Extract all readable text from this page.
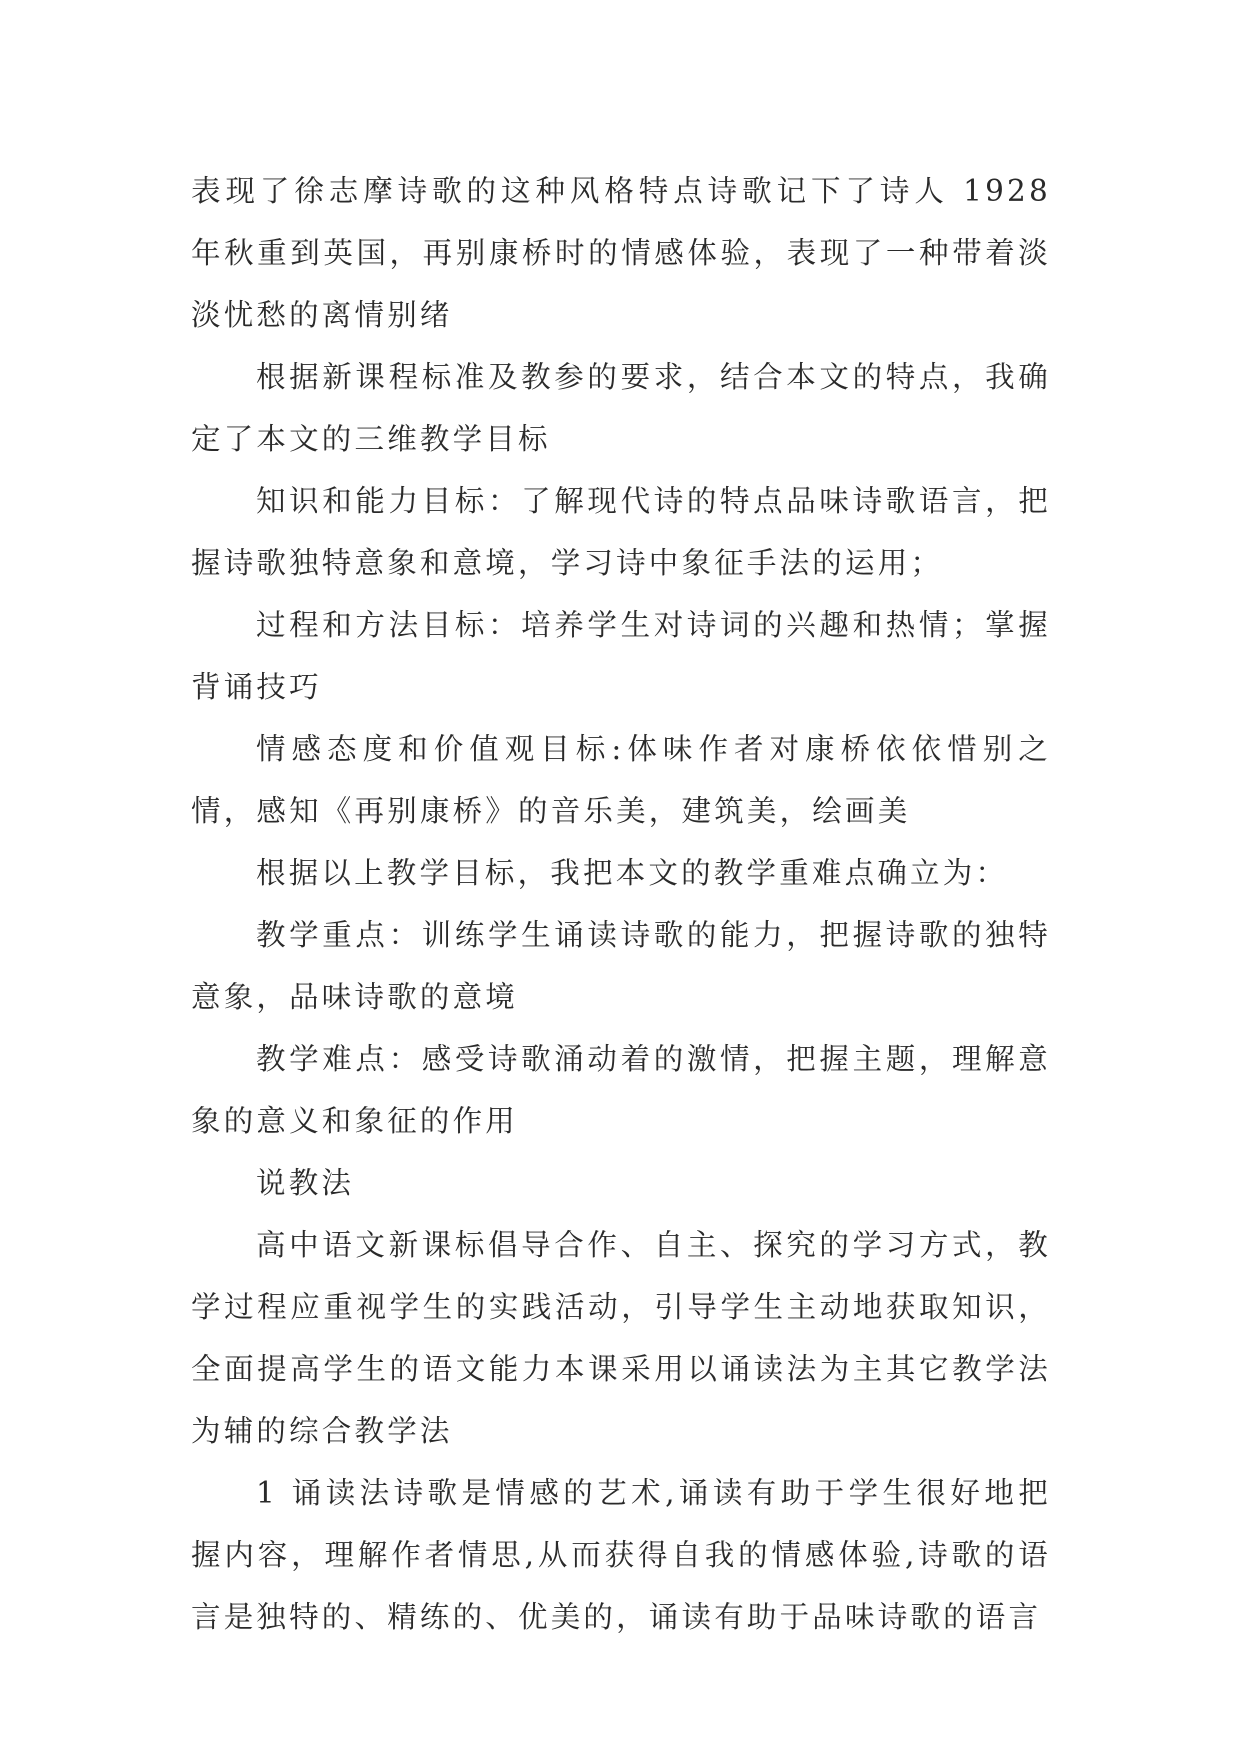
表现了徐志摩诗歌的这种风格特点诗歌记下了诗人 1928 年秋重到英国，再别康桥时的情感体验，表现了一种带着淡淡忧愁的离情别绪

根据新课程标准及教参的要求，结合本文的特点，我确定了本文的三维教学目标

知识和能力目标：了解现代诗的特点品味诗歌语言，把握诗歌独特意象和意境，学习诗中象征手法的运用；

过程和方法目标：培养学生对诗词的兴趣和热情；掌握背诵技巧

情感态度和价值观目标:体味作者对康桥依依惜别之情，感知《再别康桥》的音乐美，建筑美，绘画美

根据以上教学目标，我把本文的教学重难点确立为：

教学重点：训练学生诵读诗歌的能力，把握诗歌的独特意象，品味诗歌的意境

教学难点：感受诗歌涌动着的激情，把握主题，理解意象的意义和象征的作用

说教法

高中语文新课标倡导合作、自主、探究的学习方式，教学过程应重视学生的实践活动，引导学生主动地获取知识，全面提高学生的语文能力本课采用以诵读法为主其它教学法为辅的综合教学法

1 诵读法诗歌是情感的艺术,诵读有助于学生很好地把握内容，理解作者情思,从而获得自我的情感体验,诗歌的语言是独特的、精练的、优美的，诵读有助于品味诗歌的语言
